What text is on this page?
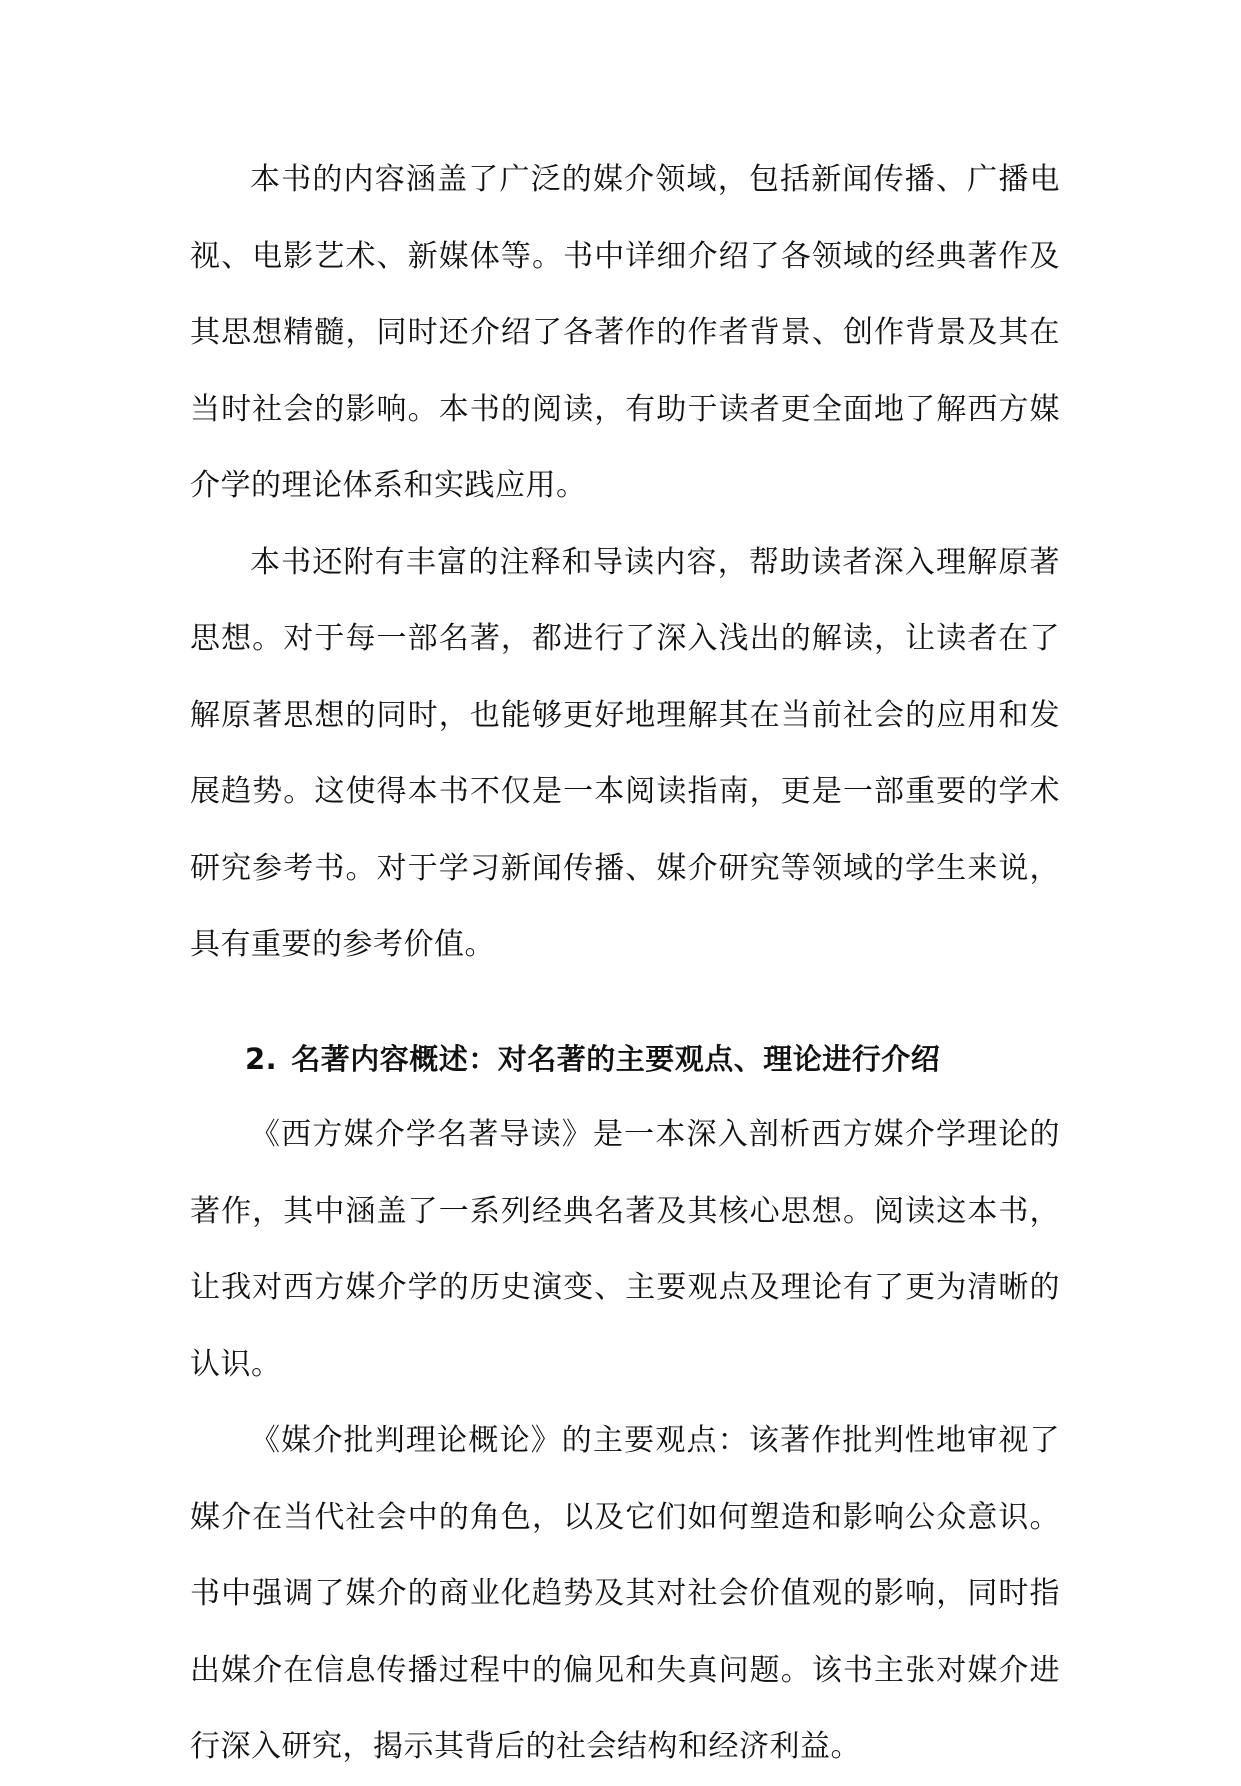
本书的内容涵盖了广泛的媒介领域，包括新闻传播、广播电视、电影艺术、新媒体等。书中详细介绍了各领域的经典著作及其思想精髓，同时还介绍了各著作的作者背景、创作背景及其在当时社会的影响。本书的阅读，有助于读者更全面地了解西方媒介学的理论体系和实践应用。

本书还附有丰富的注释和导读内容，帮助读者深入理解原著思想。对于每一部名著，都进行了深入浅出的解读，让读者在了解原著思想的同时，也能够更好地理解其在当前社会的应用和发展趋势。这使得本书不仅是一本阅读指南，更是一部重要的学术研究参考书。对于学习新闻传播、媒介研究等领域的学生来说，具有重要的参考价值。

2. 名著内容概述：对名著的主要观点、理论进行介绍

《西方媒介学名著导读》是一本深入剖析西方媒介学理论的著作，其中涵盖了一系列经典名著及其核心思想。阅读这本书，让我对西方媒介学的历史演变、主要观点及理论有了更为清晰的认识。

《媒介批判理论概论》的主要观点：该著作批判性地审视了媒介在当代社会中的角色，以及它们如何塑造和影响公众意识。书中强调了媒介的商业化趋势及其对社会价值观的影响，同时指出媒介在信息传播过程中的偏见和失真问题。该书主张对媒介进行深入研究，揭示其背后的社会结构和经济利益。
